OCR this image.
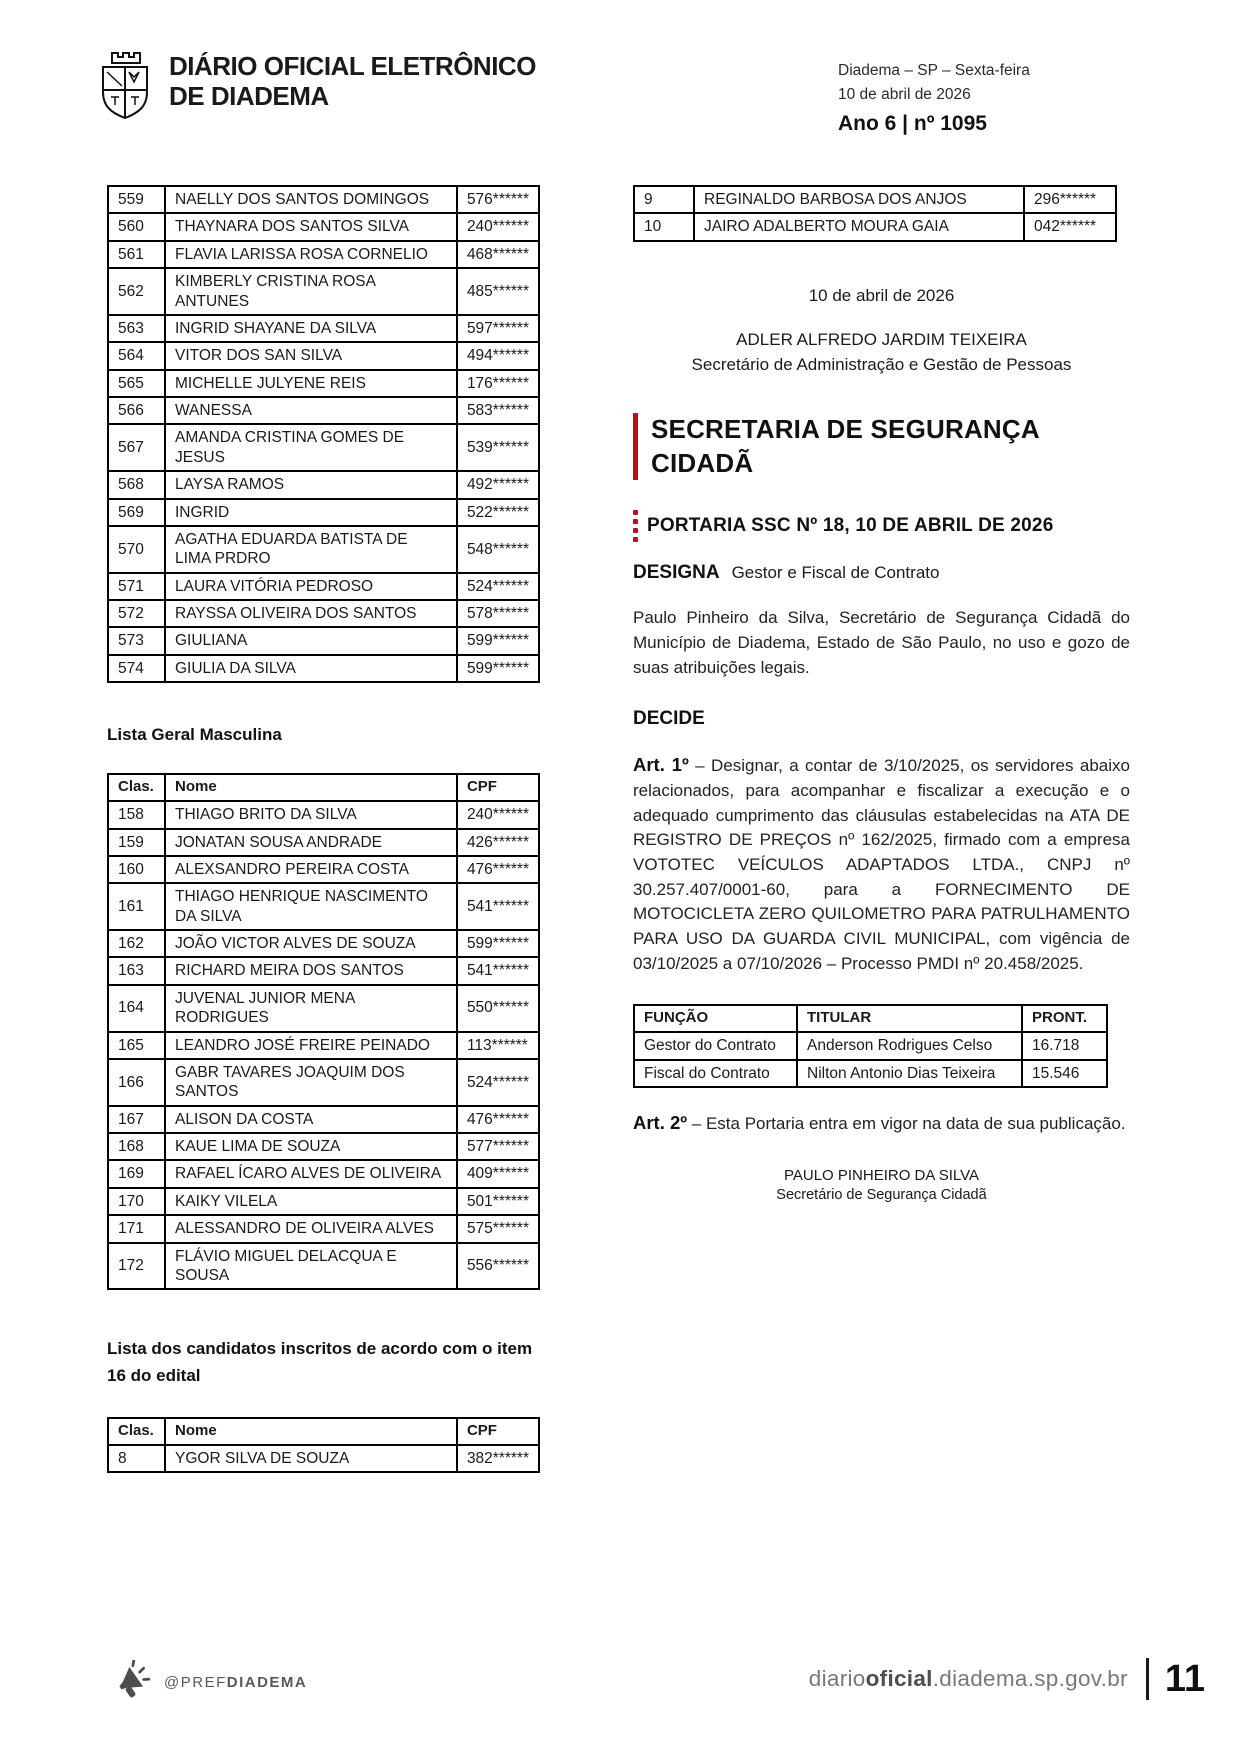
DIÁRIO OFICIAL ELETRÔNICO
DE DIADEMA
Diadema – SP – Sexta-feira
10 de abril de 2026
Ano 6 | nº 1095
559	NAELLY DOS SANTOS DOMINGOS	576******
560	THAYNARA DOS SANTOS SILVA	240******
561	FLAVIA LARISSA ROSA CORNELIO	468******
562	KIMBERLY CRISTINA ROSA ANTUNES	485******
563	INGRID SHAYANE DA SILVA	597******
564	VITOR DOS SAN SILVA	494******
565	MICHELLE JULYENE REIS	176******
566	WANESSA	583******
567	AMANDA CRISTINA GOMES DE JESUS	539******
568	LAYSA RAMOS	492******
569	INGRID	522******
570	AGATHA EDUARDA BATISTA DE LIMA PRDRO	548******
571	LAURA VITÓRIA PEDROSO	524******
572	RAYSSA OLIVEIRA DOS SANTOS	578******
573	GIULIANA	599******
574	GIULIA DA SILVA	599******
Lista Geral Masculina
Clas.	Nome	CPF
158	THIAGO BRITO DA SILVA	240******
159	JONATAN SOUSA ANDRADE	426******
160	ALEXSANDRO PEREIRA COSTA	476******
161	THIAGO HENRIQUE NASCIMENTO DA SILVA	541******
162	JOÃO VICTOR ALVES DE SOUZA	599******
163	RICHARD MEIRA DOS SANTOS	541******
164	JUVENAL JUNIOR MENA RODRIGUES	550******
165	LEANDRO JOSÉ FREIRE PEINADO	113******
166	GABR TAVARES JOAQUIM DOS SANTOS	524******
167	ALISON DA COSTA	476******
168	KAUE LIMA DE SOUZA	577******
169	RAFAEL ÍCARO ALVES DE OLIVEIRA	409******
170	KAIKY VILELA	501******
171	ALESSANDRO DE OLIVEIRA ALVES	575******
172	FLÁVIO MIGUEL DELACQUA E SOUSA	556******
Lista dos candidatos inscritos de acordo com o item 16 do edital
Clas.	Nome	CPF
8	YGOR SILVA DE SOUZA	382******
9	REGINALDO BARBOSA DOS ANJOS	296******
10	JAIRO ADALBERTO MOURA GAIA	042******
10 de abril de 2026
ADLER ALFREDO JARDIM TEIXEIRA
Secretário de Administração e Gestão de Pessoas
SECRETARIA DE SEGURANÇA CIDADÃ
PORTARIA SSC Nº 18, 10 DE ABRIL DE 2026
DESIGNA Gestor e Fiscal de Contrato

Paulo Pinheiro da Silva, Secretário de Segurança Cidadã do Município de Diadema, Estado de São Paulo, no uso e gozo de suas atribuições legais.

DECIDE

Art. 1º – Designar, a contar de 3/10/2025, os servidores abaixo relacionados, para acompanhar e fiscalizar a execução e o adequado cumprimento das cláusulas estabelecidas na ATA DE REGISTRO DE PREÇOS nº 162/2025, firmado com a empresa VOTOTEC VEÍCULOS ADAPTADOS LTDA., CNPJ nº 30.257.407/0001-60, para a FORNECIMENTO DE MOTOCICLETA ZERO QUILOMETRO PARA PATRULHAMENTO PARA USO DA GUARDA CIVIL MUNICIPAL, com vigência de 03/10/2025 a 07/10/2026 – Processo PMDI nº 20.458/2025.

FUNÇÃO	TITULAR	PRONT.
Gestor do Contrato	Anderson Rodrigues Celso	16.718
Fiscal do Contrato	Nilton Antonio Dias Teixeira	15.546

Art. 2º – Esta Portaria entra em vigor na data de sua publicação.

PAULO PINHEIRO DA SILVA
Secretário de Segurança Cidadã
@PREFDIADEMA	diariooficial.diadema.sp.gov.br 11
